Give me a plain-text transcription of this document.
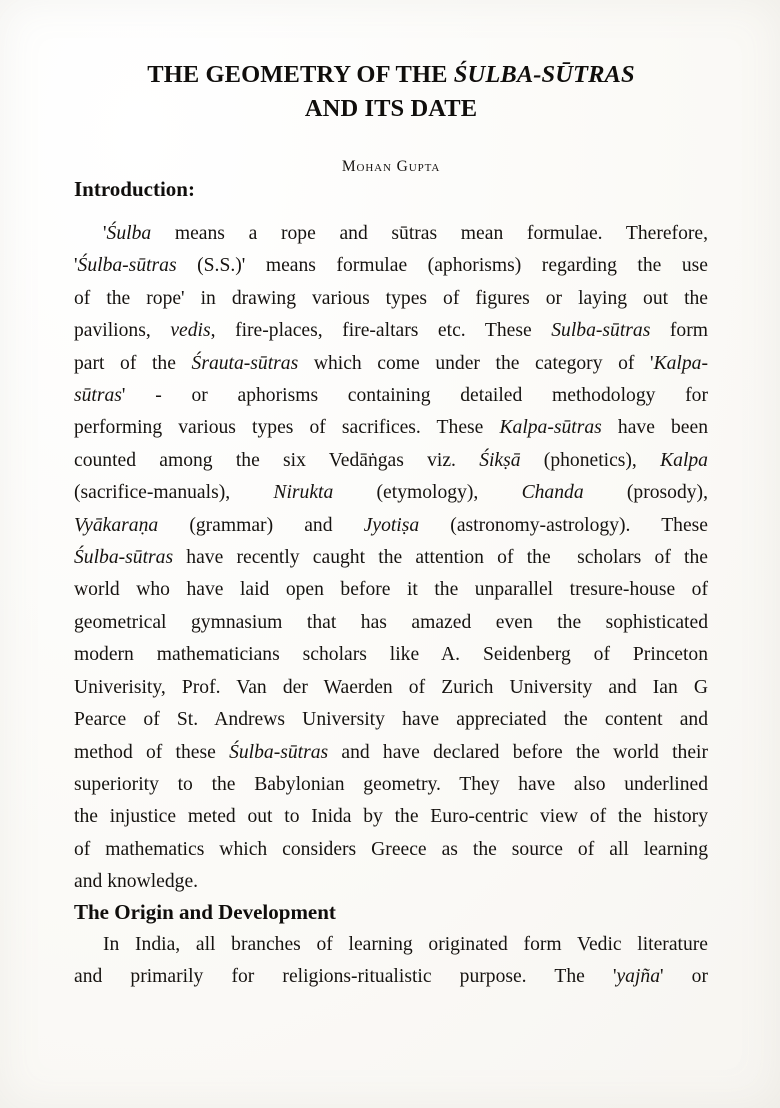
THE GEOMETRY OF THE ŚULBA-SŪTRAS
AND ITS DATE
Mohan Gupta
Introduction:
'Śulba means a rope and sūtras mean formulae. Therefore,
'Śulba-sūtras (S.S.)' means formulae (aphorisms) regarding the use
of the rope' in drawing various types of figures or laying out the
pavilions, vedis, fire-places, fire-altars etc. These Sulba-sūtras form
part of the Śrauta-sūtras which come under the category of 'Kalpa-
sūtras' - or aphorisms containing detailed methodology for
performing various types of sacrifices. These Kalpa-sūtras have been
counted among the six Vedāṅgas viz. Śikṣā (phonetics), Kalpa
(sacrifice-manuals), Nirukta (etymology), Chanda (prosody),
Vyākaraṇa (grammar) and Jyotiṣa (astronomy-astrology). These
Śulba-sūtras have recently caught the attention of the  scholars of the
world who have laid open before it the unparallel tresure-house of
geometrical gymnasium that has amazed even the sophisticated
modern mathematicians scholars like A. Seidenberg of Princeton
Univerisity, Prof. Van der Waerden of Zurich University and Ian G
Pearce of St. Andrews University have appreciated the content and
method of these Śulba-sūtras and have declared before the world their
superiority to the Babylonian geometry. They have also underlined
the injustice meted out to Inida by the Euro-centric view of the history
of mathematics which considers Greece as the source of all learning
and knowledge.
The Origin and Development
In India, all branches of learning originated form Vedic literature
and primarily for religions-ritualistic purpose. The 'yajña' or
